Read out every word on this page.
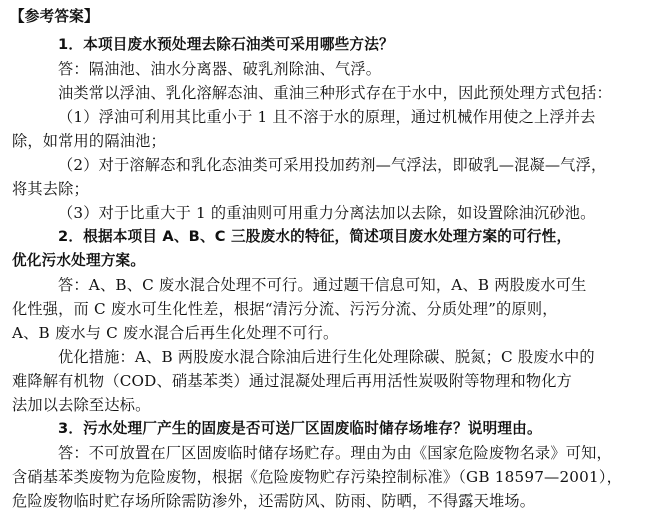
【参考答案】
1．本项目废水预处理去除石油类可采用哪些方法？
答：隔油池、油水分离器、破乳剂除油、气浮。
油类常以浮油、乳化溶解态油、重油三种形式存在于水中，因此预处理方式包括：
（1）浮油可利用其比重小于 1 且不溶于水的原理，通过机械作用使之上浮并去
除，如常用的隔油池；
（2）对于溶解态和乳化态油类可采用投加药剂—气浮法，即破乳—混凝—气浮，
将其去除；
（3）对于比重大于 1 的重油则可用重力分离法加以去除，如设置除油沉砂池。
2．根据本项目 A、B、C 三股废水的特征，简述项目废水处理方案的可行性，
优化污水处理方案。
答：A、B、C 废水混合处理不可行。通过题干信息可知，A、B 两股废水可生
化性强，而 C 废水可生化性差，根据“清污分流、污污分流、分质处理”的原则，
A、B 废水与 C 废水混合后再生化处理不可行。
优化措施：A、B 两股废水混合除油后进行生化处理除碳、脱氮；C 股废水中的
难降解有机物（COD、硝基苯类）通过混凝处理后再用活性炭吸附等物理和物化方
法加以去除至达标。
3．污水处理厂产生的固废是否可送厂区固废临时储存场堆存？说明理由。
答：不可放置在厂区固废临时储存场贮存。理由为由《国家危险废物名录》可知，
含硝基苯类废物为危险废物，根据《危险废物贮存污染控制标准》（GB 18597—2001），
危险废物临时贮存场所除需防渗外，还需防风、防雨、防晒，不得露天堆场。
